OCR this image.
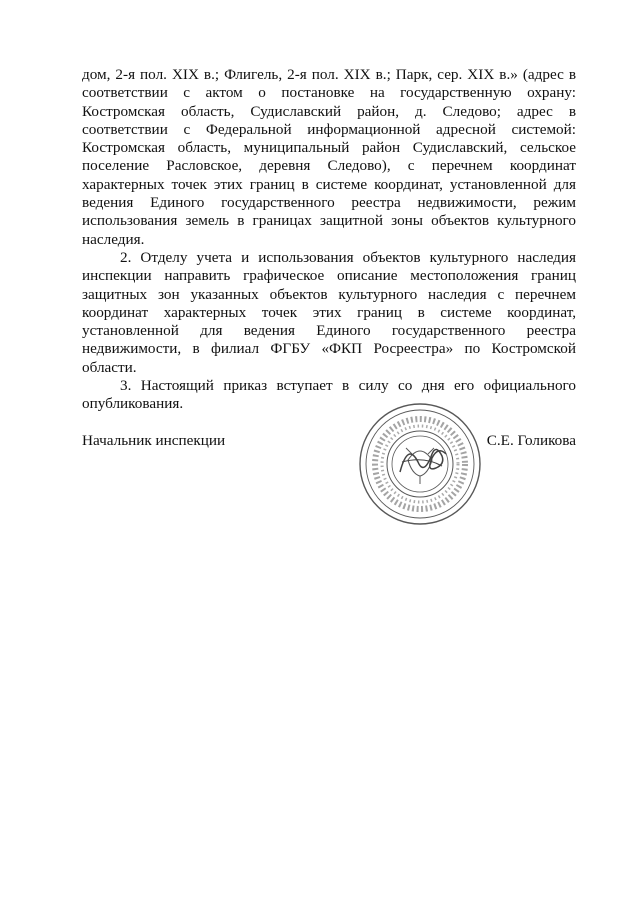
дом, 2-я пол. XIX в.; Флигель, 2-я пол. XIX в.; Парк, сер. XIX в.» (адрес в соответствии с актом о постановке на государственную охрану: Костромская область, Судиславский район, д. Следово; адрес в соответствии с Федеральной информационной адресной системой: Костромская область, муниципальный район Судиславский, сельское поселение Расловское, деревня Следово), с перечнем координат характерных точек этих границ в системе координат, установленной для ведения Единого государственного реестра недвижимости, режим использования земель в границах защитной зоны объектов культурного наследия.

2. Отделу учета и использования объектов культурного наследия инспекции направить графическое описание местоположения границ защитных зон указанных объектов культурного наследия с перечнем координат характерных точек этих границ в системе координат, установленной для ведения Единого государственного реестра недвижимости, в филиал ФГБУ «ФКП Росреестра» по Костромской области.

3. Настоящий приказ вступает в силу со дня его официального опубликования.

Начальник инспекции	С.Е. Голикова
